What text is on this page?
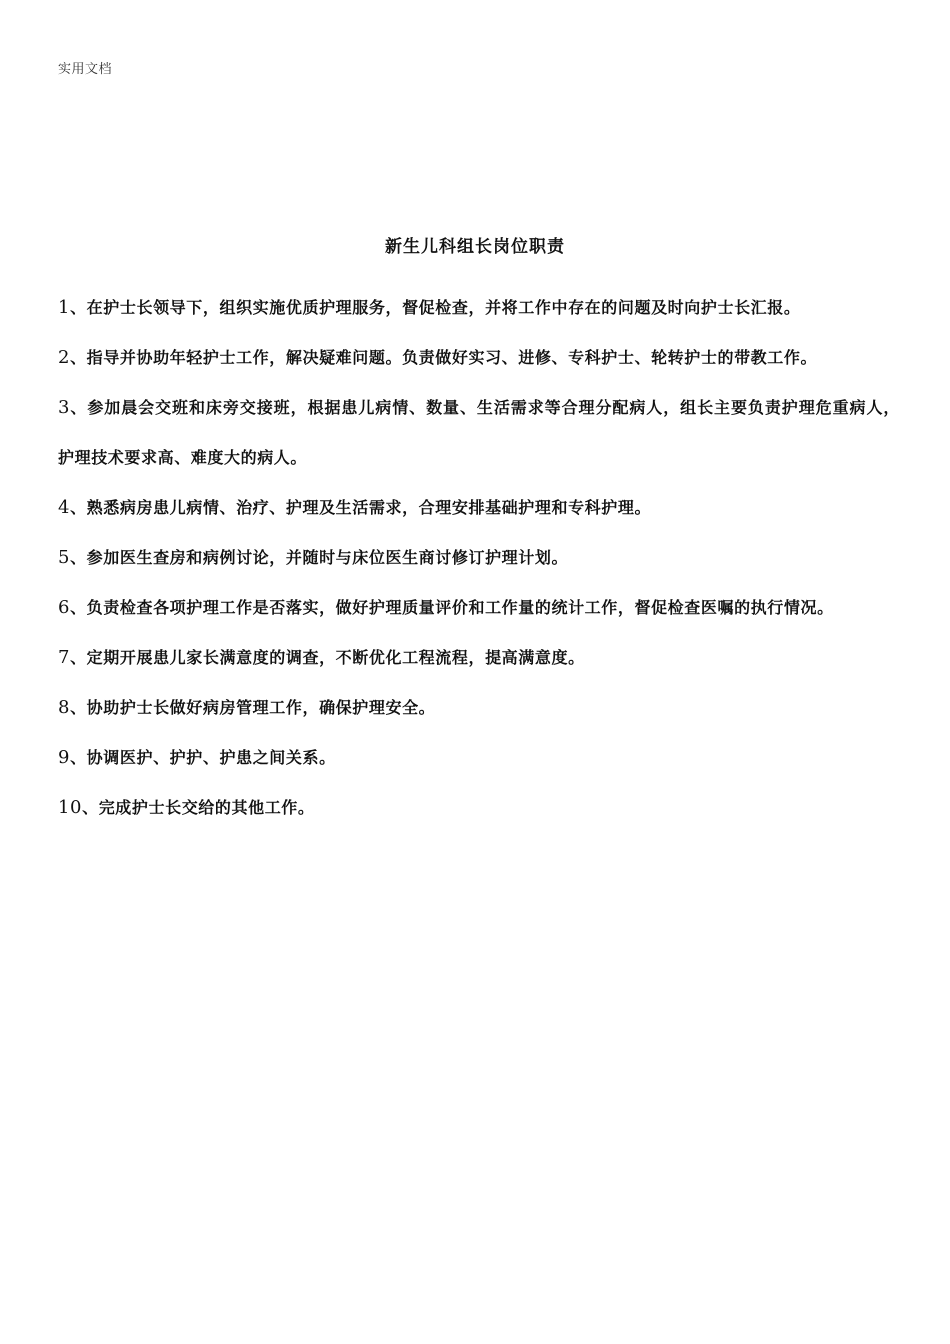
实用文档
新生儿科组长岗位职责
1、在护士长领导下，组织实施优质护理服务，督促检查，并将工作中存在的问题及时向护士长汇报。
2、指导并协助年轻护士工作，解决疑难问题。负责做好实习、进修、专科护士、轮转护士的带教工作。
3、参加晨会交班和床旁交接班，根据患儿病情、数量、生活需求等合理分配病人，组长主要负责护理危重病人，护理技术要求高、难度大的病人。
4、熟悉病房患儿病情、治疗、护理及生活需求，合理安排基础护理和专科护理。
5、参加医生查房和病例讨论，并随时与床位医生商讨修订护理计划。
6、负责检查各项护理工作是否落实，做好护理质量评价和工作量的统计工作，督促检查医嘱的执行情况。
7、定期开展患儿家长满意度的调查，不断优化工程流程，提高满意度。
8、协助护士长做好病房管理工作，确保护理安全。
9、协调医护、护护、护患之间关系。
10、完成护士长交给的其他工作。
